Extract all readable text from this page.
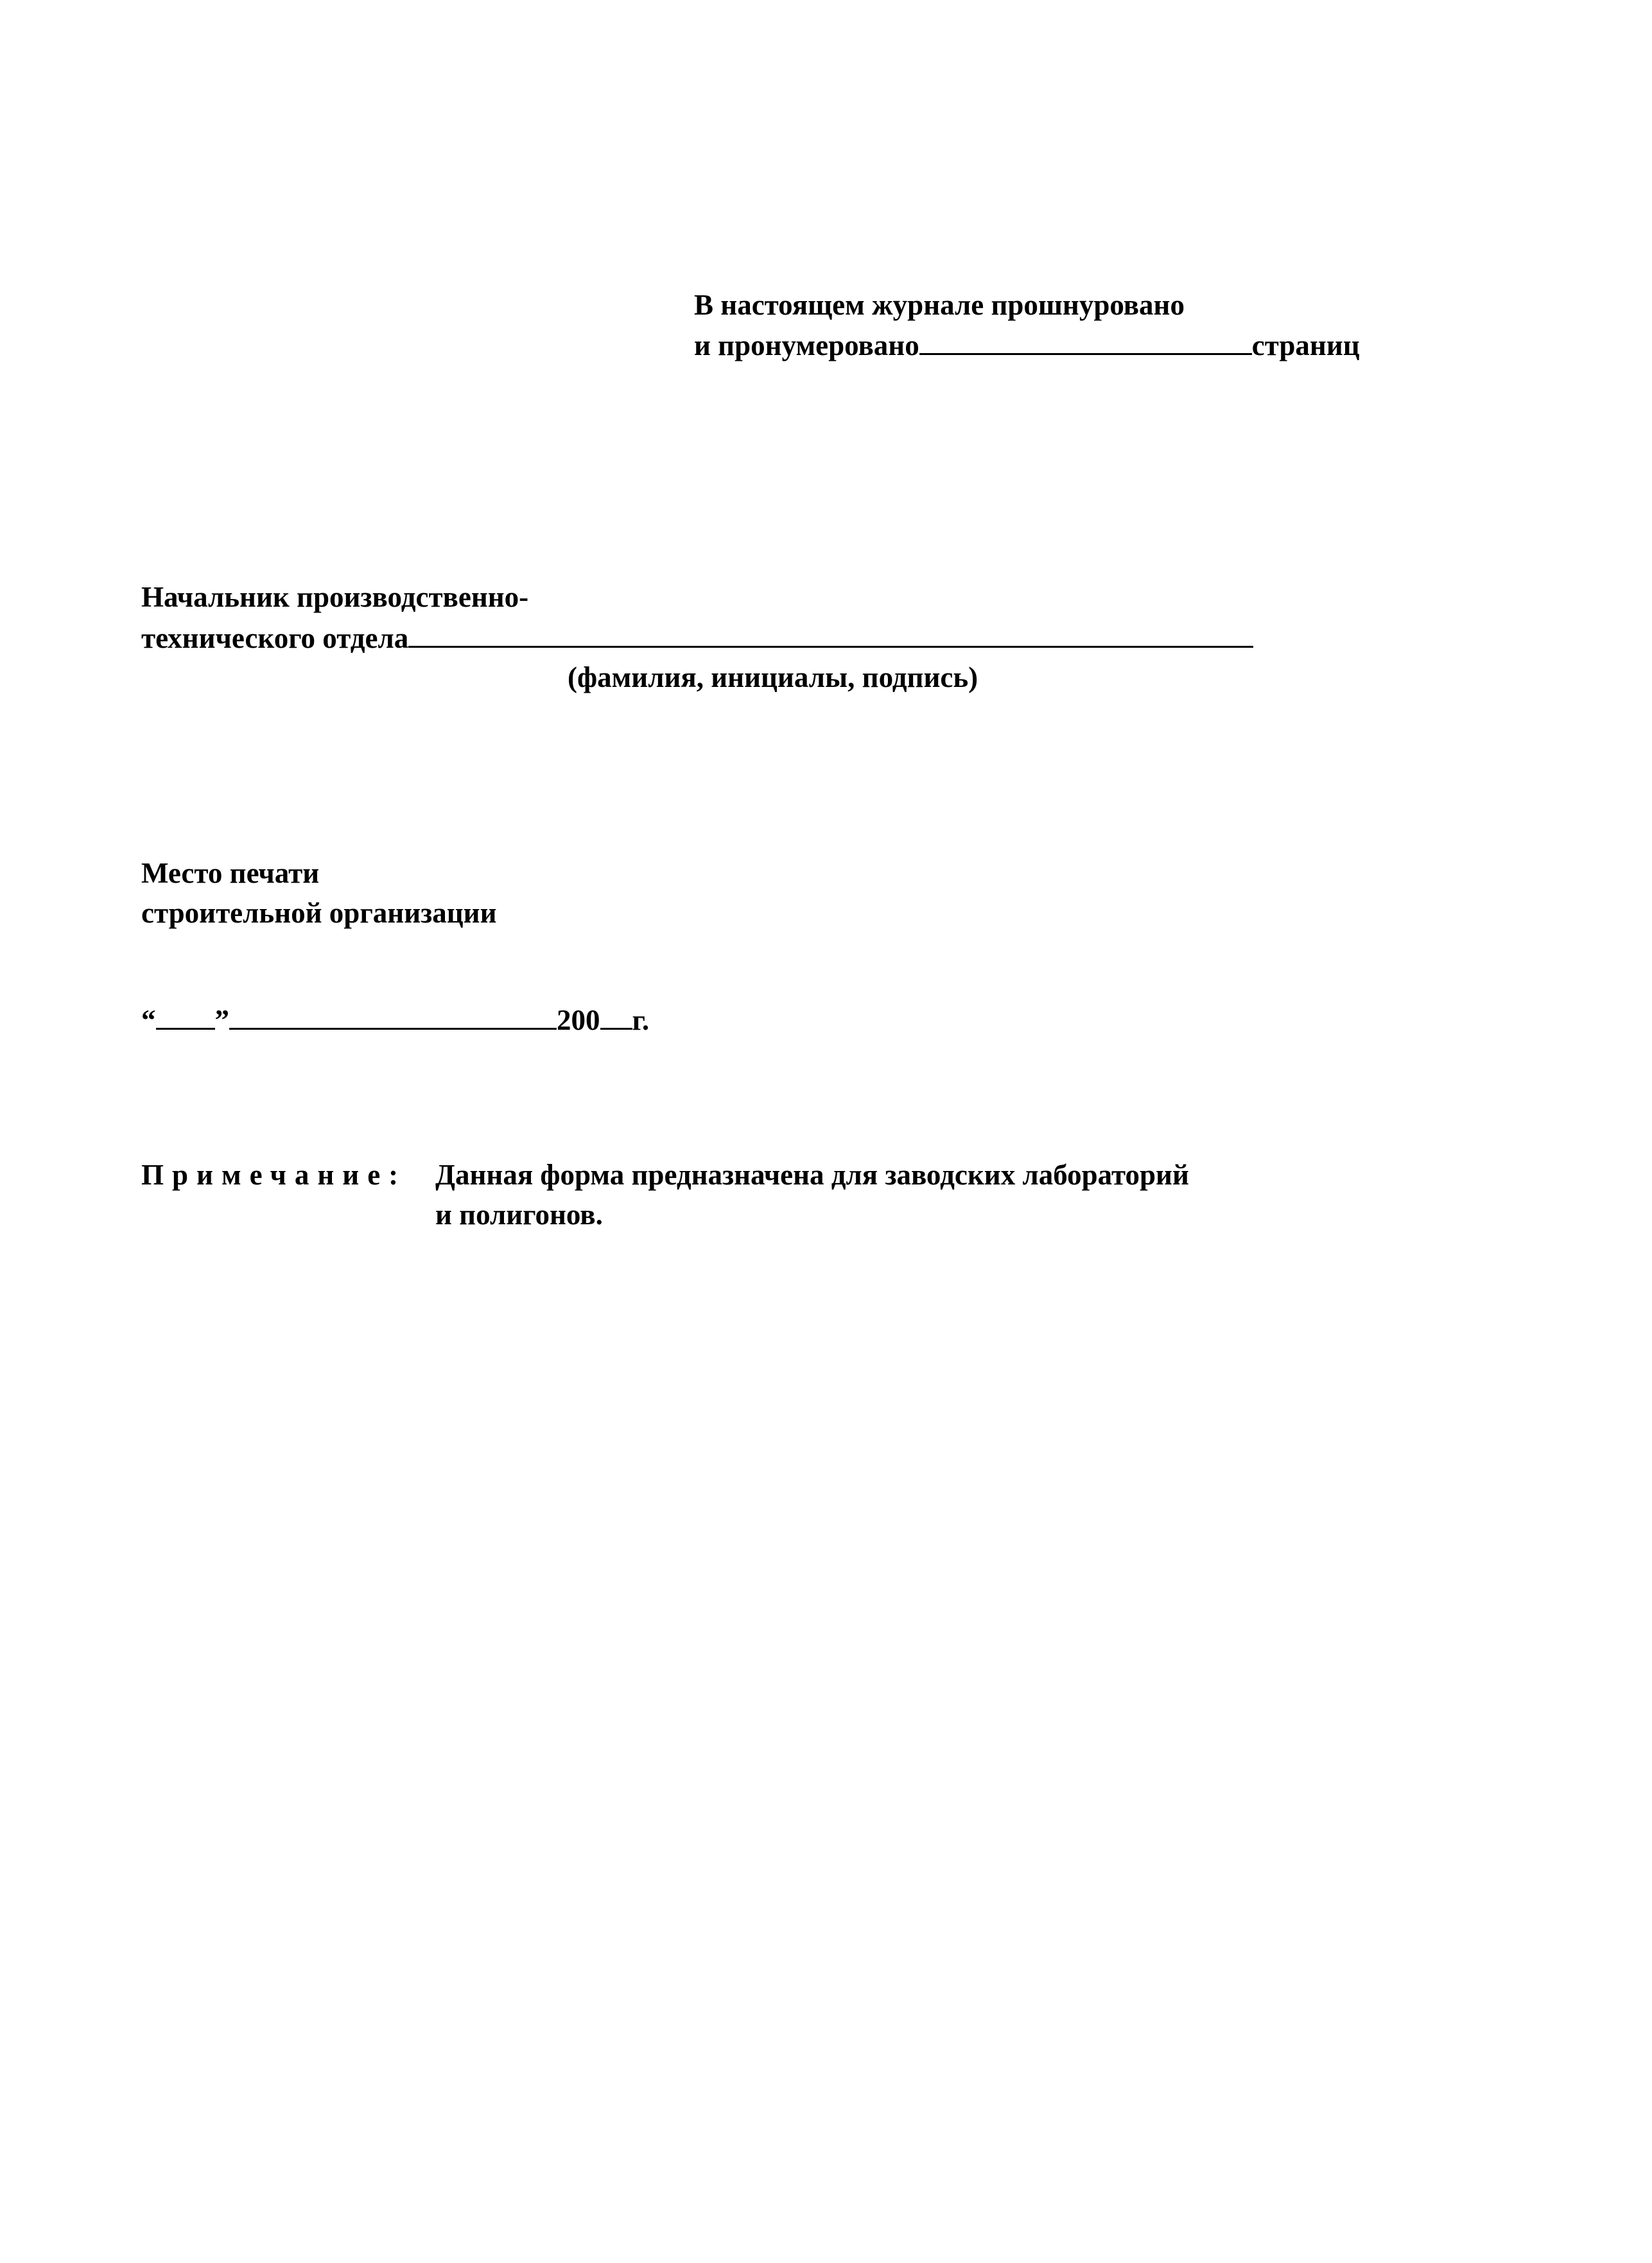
В настоящем журнале прошнуровано
и пронумеровано	страниц
Начальник производственно-
технического отдела
(фамилия, инициалы, подпись)
Место печати
строительной организации
“ ”	200 г.
Примечание: Данная форма предназначена для заводских лабораторий
и полигонов.
